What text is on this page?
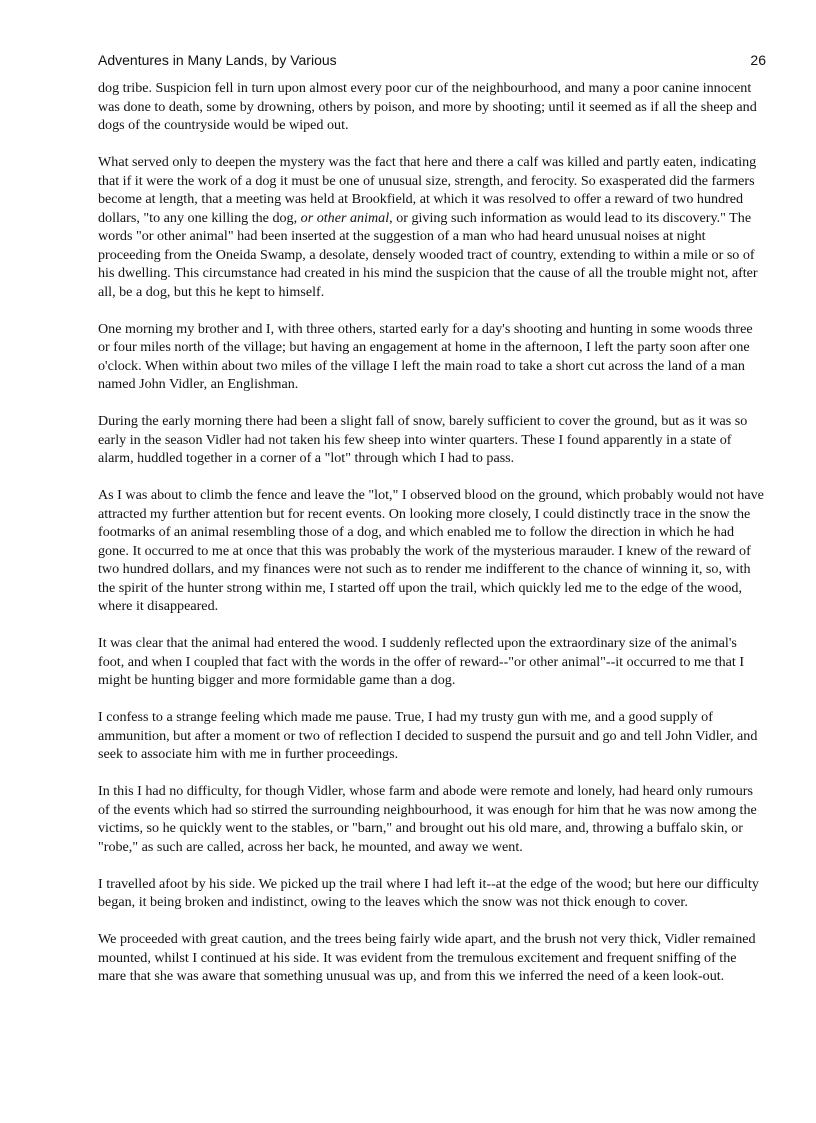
Adventures in Many Lands, by Various	26

dog tribe. Suspicion fell in turn upon almost every poor cur of the neighbourhood, and many a poor canine innocent was done to death, some by drowning, others by poison, and more by shooting; until it seemed as if all the sheep and dogs of the countryside would be wiped out.

What served only to deepen the mystery was the fact that here and there a calf was killed and partly eaten, indicating that if it were the work of a dog it must be one of unusual size, strength, and ferocity. So exasperated did the farmers become at length, that a meeting was held at Brookfield, at which it was resolved to offer a reward of two hundred dollars, "to any one killing the dog, or other animal, or giving such information as would lead to its discovery." The words "or other animal" had been inserted at the suggestion of a man who had heard unusual noises at night proceeding from the Oneida Swamp, a desolate, densely wooded tract of country, extending to within a mile or so of his dwelling. This circumstance had created in his mind the suspicion that the cause of all the trouble might not, after all, be a dog, but this he kept to himself.

One morning my brother and I, with three others, started early for a day's shooting and hunting in some woods three or four miles north of the village; but having an engagement at home in the afternoon, I left the party soon after one o'clock. When within about two miles of the village I left the main road to take a short cut across the land of a man named John Vidler, an Englishman.

During the early morning there had been a slight fall of snow, barely sufficient to cover the ground, but as it was so early in the season Vidler had not taken his few sheep into winter quarters. These I found apparently in a state of alarm, huddled together in a corner of a "lot" through which I had to pass.

As I was about to climb the fence and leave the "lot," I observed blood on the ground, which probably would not have attracted my further attention but for recent events. On looking more closely, I could distinctly trace in the snow the footmarks of an animal resembling those of a dog, and which enabled me to follow the direction in which he had gone. It occurred to me at once that this was probably the work of the mysterious marauder. I knew of the reward of two hundred dollars, and my finances were not such as to render me indifferent to the chance of winning it, so, with the spirit of the hunter strong within me, I started off upon the trail, which quickly led me to the edge of the wood, where it disappeared.

It was clear that the animal had entered the wood. I suddenly reflected upon the extraordinary size of the animal's foot, and when I coupled that fact with the words in the offer of reward--"or other animal"--it occurred to me that I might be hunting bigger and more formidable game than a dog.

I confess to a strange feeling which made me pause. True, I had my trusty gun with me, and a good supply of ammunition, but after a moment or two of reflection I decided to suspend the pursuit and go and tell John Vidler, and seek to associate him with me in further proceedings.

In this I had no difficulty, for though Vidler, whose farm and abode were remote and lonely, had heard only rumours of the events which had so stirred the surrounding neighbourhood, it was enough for him that he was now among the victims, so he quickly went to the stables, or "barn," and brought out his old mare, and, throwing a buffalo skin, or "robe," as such are called, across her back, he mounted, and away we went.

I travelled afoot by his side. We picked up the trail where I had left it--at the edge of the wood; but here our difficulty began, it being broken and indistinct, owing to the leaves which the snow was not thick enough to cover.

We proceeded with great caution, and the trees being fairly wide apart, and the brush not very thick, Vidler remained mounted, whilst I continued at his side. It was evident from the tremulous excitement and frequent sniffing of the mare that she was aware that something unusual was up, and from this we inferred the need of a keen look-out.
